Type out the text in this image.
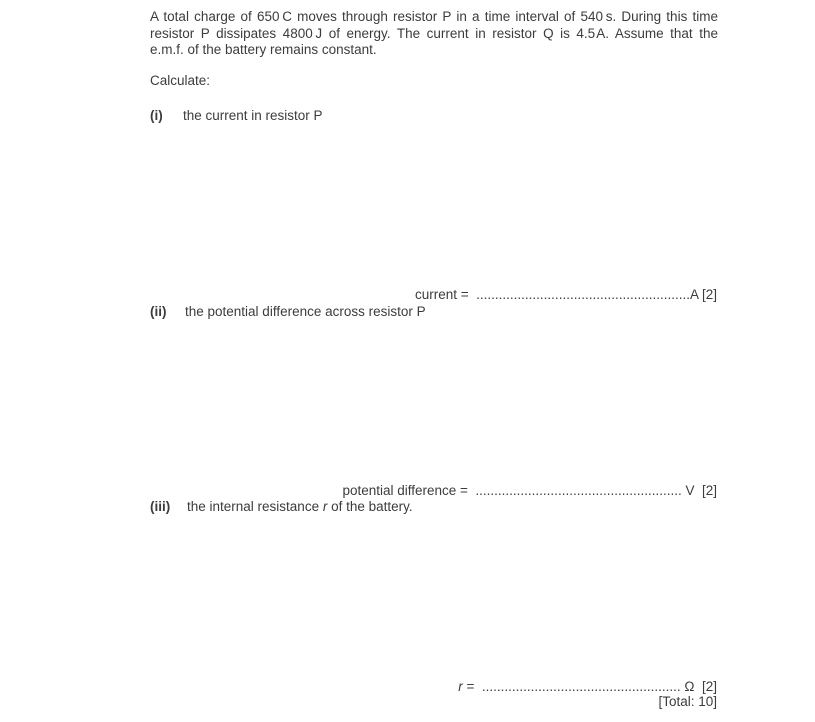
A total charge of 650 C moves through resistor P in a time interval of 540 s. During this time
resistor P dissipates 4800 J of energy. The current in resistor Q is 4.5 A. Assume that the
e.m.f. of the battery remains constant.
Calculate:
(i) the current in resistor P

current =  .........................................................A [2]

(ii) the potential difference across resistor P

potential difference =  ....................................................... V  [2]

(iii) the internal resistance r of the battery.

r =  ..................................................... Ω  [2]

[Total: 10]
